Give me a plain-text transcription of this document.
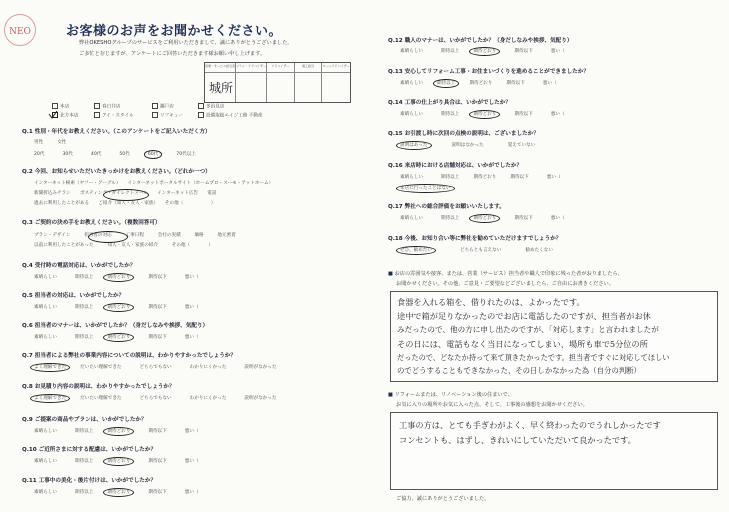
NEO	お客様のお声をお聞かせください。
弊社OKESHOグループのサービスをご利用いただきまして、誠にありがとうございました。
ご多忙と存じますが、アンケートにご回答いただきます様お願い申し上げます。
営業・サービス担当者 プラン・アドバイザー	アドバイザー	施工担当	ローンアドバイザー
城所
本店	春日井店	瀬戸店	多治見店
北方本店	アイ・スタイル	リフキュー	設備取扱エイジ工務 不動産
Q.1 性別・年代をお教えください。（このアンケートをご記入いただく方）
男性	女性
20代	30代	40代	50代	60代	70代以上
Q.2 今回、お知らせいただいたきっかけをお教えください。（どれか一つ）
インターネット検索（ヤフー・グーグル）　　インターネットポータルサイト（ホームプロ・スーモ・アットホーム）
新聞折込みチラシ　　ポスティング・ダイレクトメール　　インターネット広告　　電話
過去に利用したことがある　　ご紹介（知人・友人・家族）　　その他（　　　　　　）
Q.3 ご契約の決め手をお教えください。（複数回答可）
プラン・デザイン　　　担当者の対応　　　工事日程　　　会社の実績　　　価格　　　地元密着
以前に利用したことがあった　　　知人・友人・家族の紹介　　　その他（　　　　）
Q.4 受付時の電話対応は、いかがでしたか？
素晴らしい	期待以上	期待どおり	期待以下	悪い（
Q.5 担当者の対応は、いかがでしたか？
素晴らしい	期待以上	期待どおり	期待以下	悪い（
Q.6 担当者のマナーは、いかがでしたか？（身だしなみや挨拶、気配り）
素晴らしい	期待以上	期待どおり	期待以下	悪い（
Q.7 担当者による弊社の事業内容についての説明は、わかりやすかったでしょうか？
よく理解できた	だいたい理解できた	どちらでもない	わかりにくかった	説明がなかった
Q.8 お見積り内容の説明は、わかりやすかったでしょうか？
よく理解できた	だいたい理解できた	どちらでもない	わかりにくかった	説明がなかった
Q.9 ご提案の商品やプランは、いかがでしたか？
素晴らしい	期待以上	期待どおり	期待以下	悪い（
Q.10 ご近所さまに対する配慮は、いかがでしたか？
素晴らしい	期待以上	期待どおり	期待以下	悪い（
Q.11 工事中の美化・後片付けは、いかがでしたか？
素晴らしい	期待以上	期待どおり	期待以下	悪い（
Q.12 職人のマナーは、いかがでしたか？（身だしなみや挨拶、気配り）
素晴らしい	期待以上	期待どおり	期待以下	悪い（
Q.13 安心してリフォーム工事・お住まいづくりを進めることができましたか？
素晴らしい	期待以上	期待どおり	期待以下	悪い（
Q.14 工事の仕上がり具合は、いかがでしたか？
素晴らしい	期待以上	期待どおり	期待以下	悪い（
Q.15 お引渡し時に次回の点検の説明は、ございましたか？
説明はあった	説明はなかった	覚えていない
Q.16 来店時における店舗対応は、いかがでしたか？
素晴らしい	期待以上	期待どおり	期待以下	悪い（
来店に行ったことはない
Q.17 弊社への総合評価をお願いいたします。
素晴らしい	期待以上	期待どおり	期待以下	悪い（
Q.18 今後、お知り合い等に弊社を勧めていただけますでしょうか？
ぜひ、勧めたい	どちらとも言えない	勧めたくない
■ お店の雰囲気や接客、または、営業（サービス）担当者や職人で印象に残った者がおりましたら、
お聞かせください。その他、ご意見・ご要望などございましたら、ご自由にお書きください。
食器を入れる箱を、借りれたのは、よかったです。
途中で箱が足りなかったのでお店に電話したのですが、担当者がお休
みだったので、他の方に申し出たのですが、「対応します」と言われましたが
その日には、電話もなく当日になってしまい、場所も車で5分位の所
だったので、どなたか持って来て頂きたかったです。担当者ですぐに対応してほしい
のでどうすることもできなかった、その日しかなかった為（自分の判断）
■ リフォームまたは、リノベーション後の住まいで、
お気に入りの場所やお気に入った点、そして、工事後の感想をお聞かせください。
工事の方は、とても手ぎわがよく、早く終わったのでうれしかったです
コンセントも、はずし、きれいにしていただいて良かったです。
ご協力、誠にありがとうございました。
